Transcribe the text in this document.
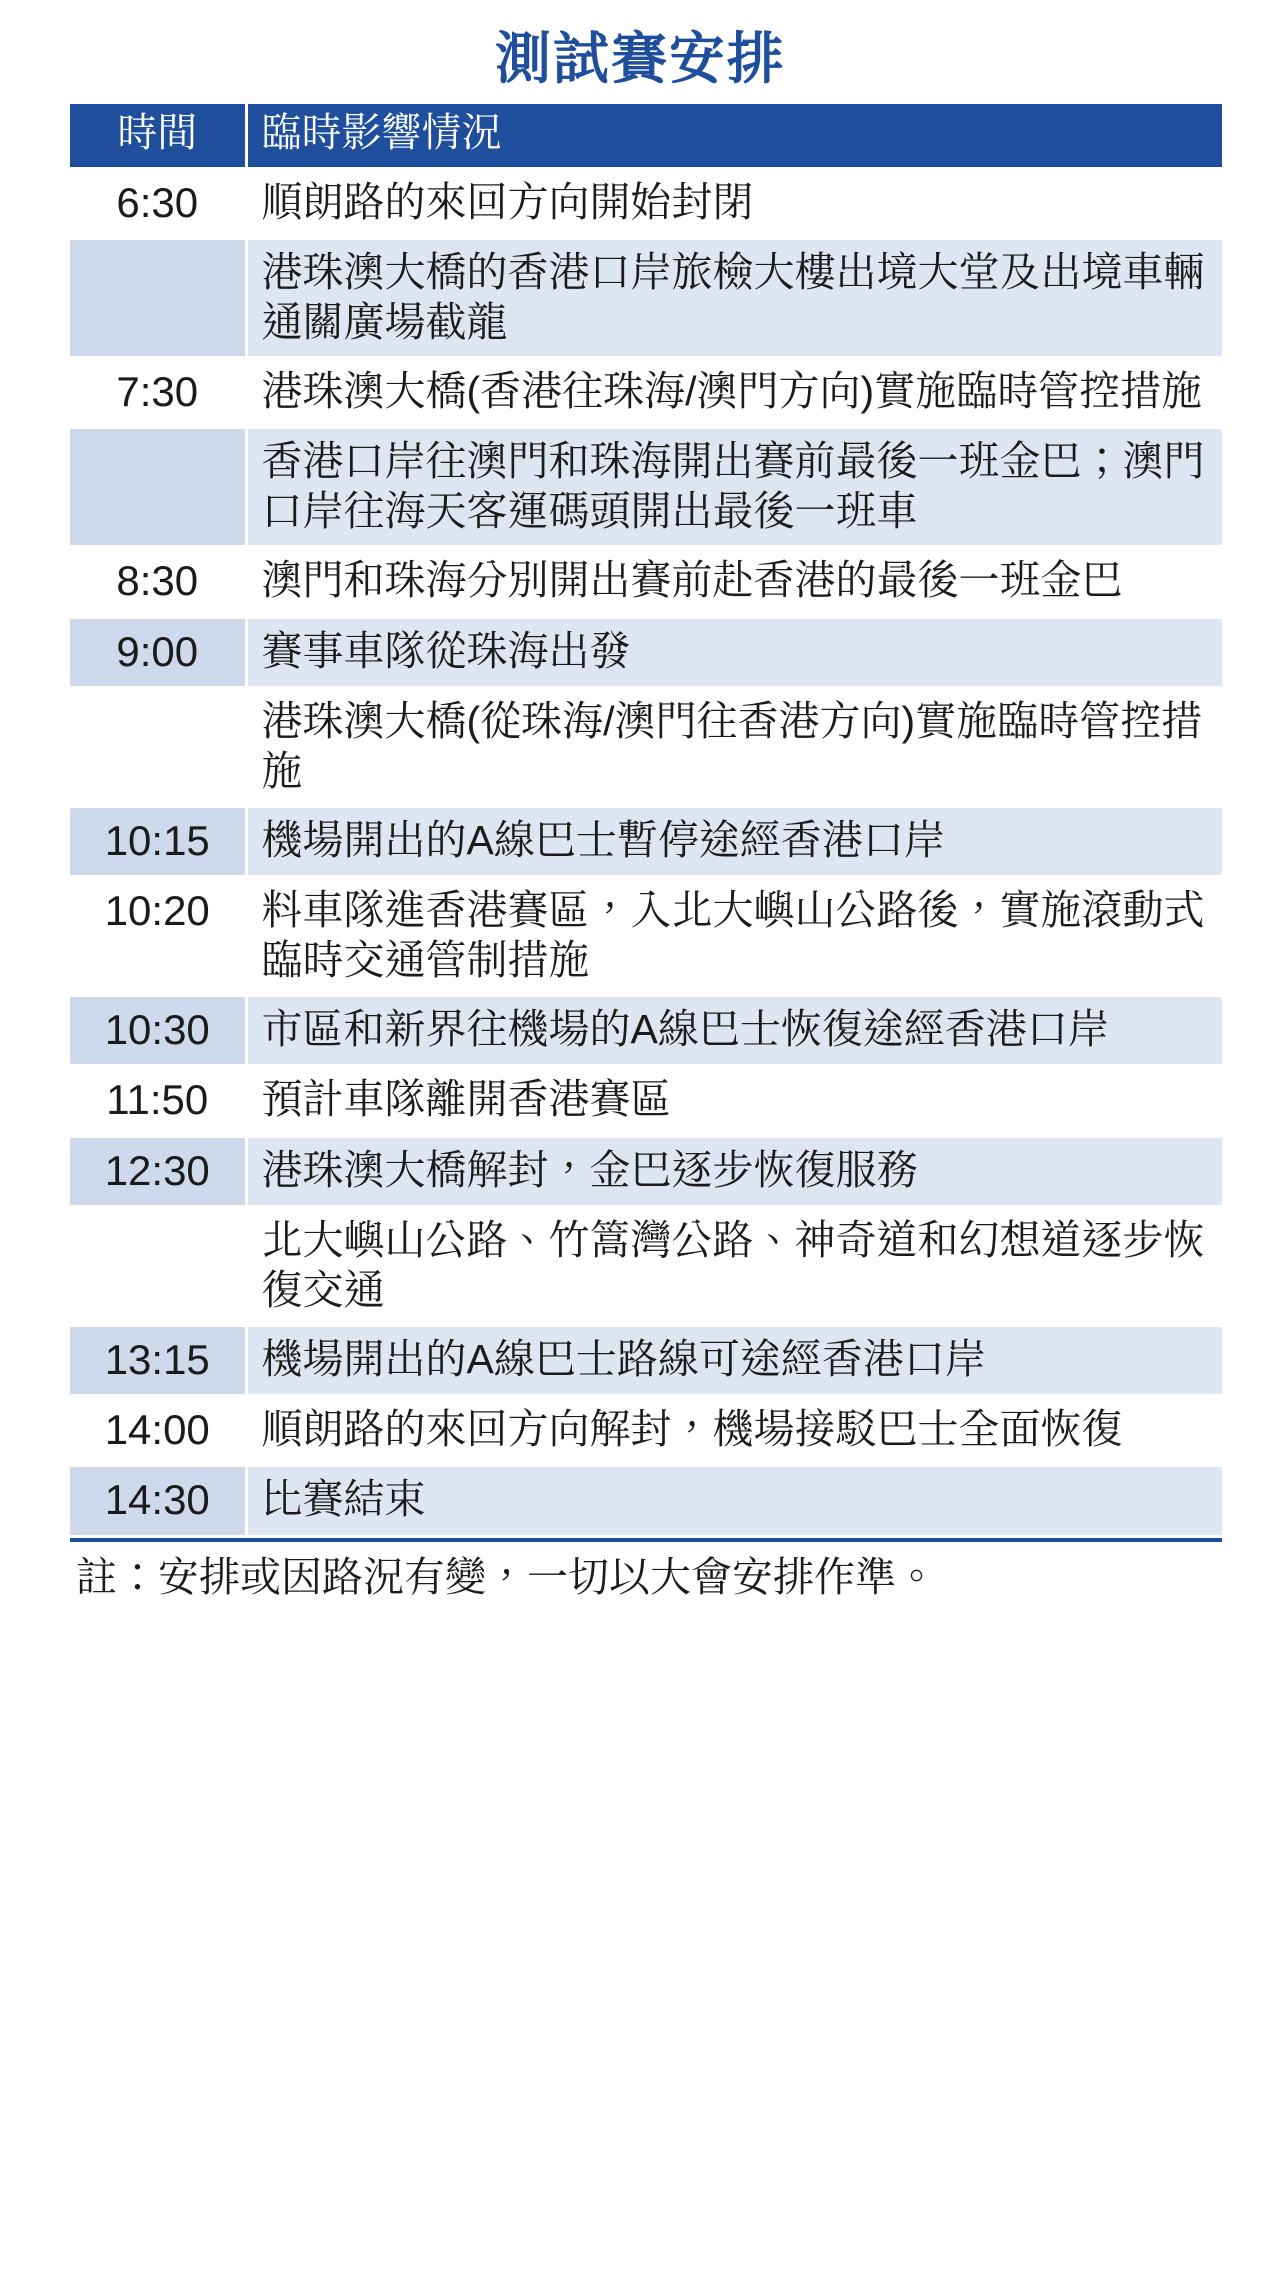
測試賽安排
時間	臨時影響情況
6:30	順朗路的來回方向開始封閉
	港珠澳大橋的香港口岸旅檢大樓出境大堂及出境車輛通關廣場截龍
7:30	港珠澳大橋(香港往珠海/澳門方向)實施臨時管控措施
	香港口岸往澳門和珠海開出賽前最後一班金巴；澳門口岸往海天客運碼頭開出最後一班車
8:30	澳門和珠海分別開出賽前赴香港的最後一班金巴
9:00	賽事車隊從珠海出發
	港珠澳大橋(從珠海/澳門往香港方向)實施臨時管控措施
10:15	機場開出的A線巴士暫停途經香港口岸
10:20	料車隊進香港賽區，入北大嶼山公路後，實施滾動式臨時交通管制措施
10:30	市區和新界往機場的A線巴士恢復途經香港口岸
11:50	預計車隊離開香港賽區
12:30	港珠澳大橋解封，金巴逐步恢復服務
	北大嶼山公路、竹篙灣公路、神奇道和幻想道逐步恢復交通
13:15	機場開出的A線巴士路線可途經香港口岸
14:00	順朗路的來回方向解封，機場接駁巴士全面恢復
14:30	比賽結束
註：安排或因路況有變，一切以大會安排作準。
